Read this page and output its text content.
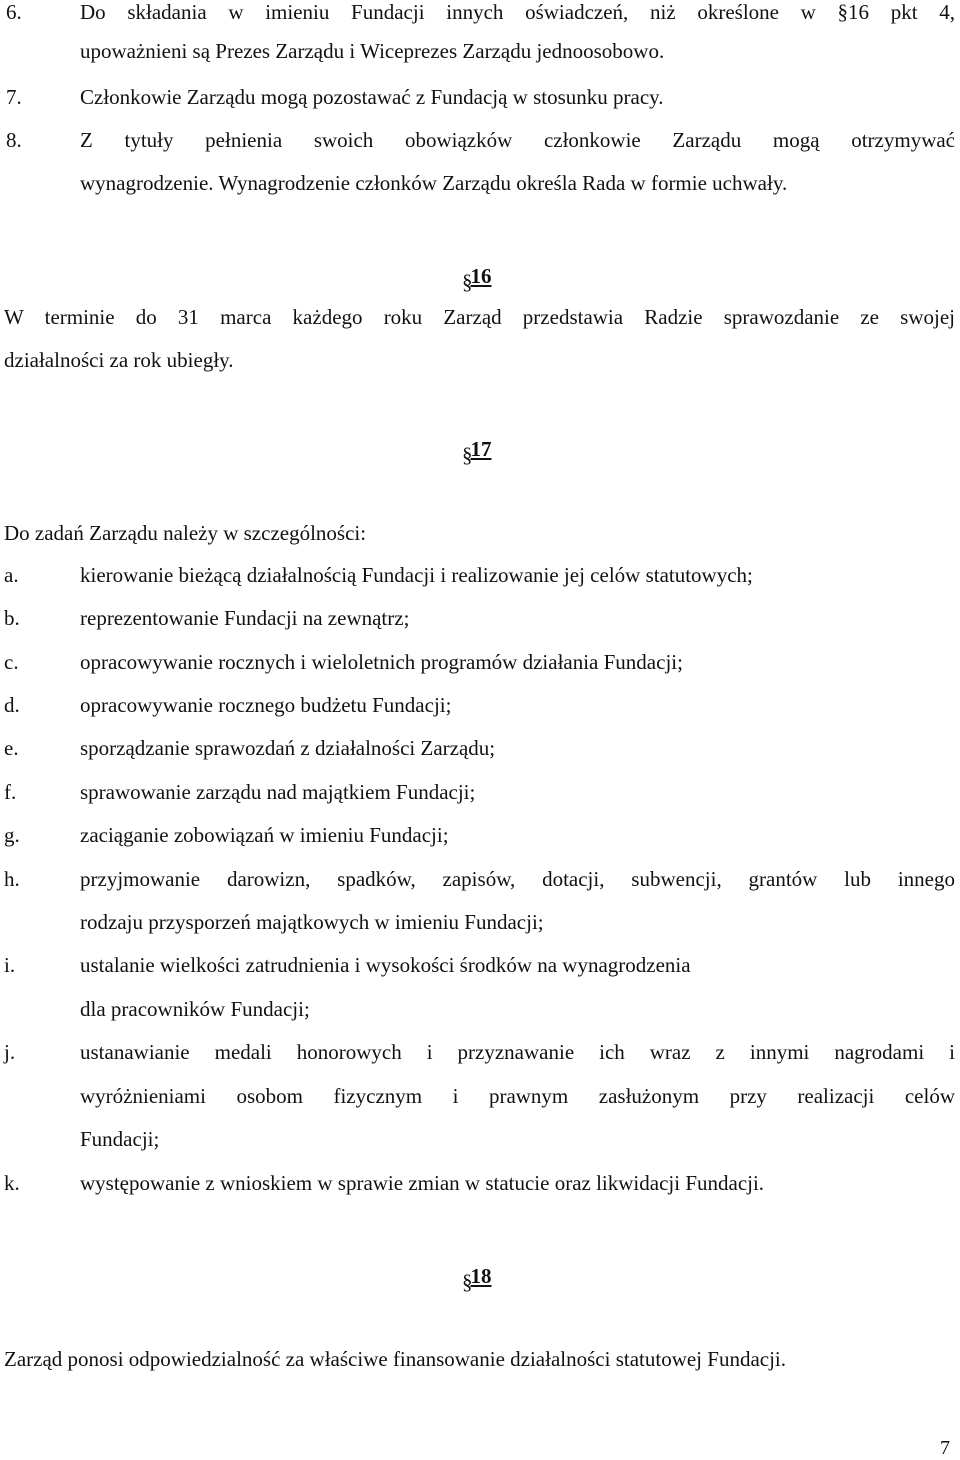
6.	Do składania w imieniu Fundacji innych oświadczeń, niż określone w §16 pkt 4,
upoważnieni są Prezes Zarządu i Wiceprezes Zarządu jednoosobowo.
7.	Członkowie Zarządu mogą pozostawać z Fundacją w stosunku pracy.
8.	Z tytuły pełnienia swoich obowiązków członkowie Zarządu mogą otrzymywać
wynagrodzenie. Wynagrodzenie członków Zarządu określa Rada w formie uchwały.
§16
W terminie do 31 marca każdego roku Zarząd przedstawia Radzie sprawozdanie ze swojej
działalności za rok ubiegły.
§17
Do zadań Zarządu należy w szczególności:
a.	kierowanie bieżącą działalnością Fundacji i realizowanie jej celów statutowych;
b.	reprezentowanie Fundacji na zewnątrz;
c.	opracowywanie rocznych i wieloletnich programów działania Fundacji;
d.	opracowywanie rocznego budżetu Fundacji;
e.	sporządzanie sprawozdań z działalności Zarządu;
f.	sprawowanie zarządu nad majątkiem Fundacji;
g.	zaciąganie zobowiązań w imieniu Fundacji;
h.	przyjmowanie darowizn, spadków, zapisów, dotacji, subwencji, grantów lub innego
rodzaju przysporzeń majątkowych w imieniu Fundacji;
i.	ustalanie wielkości zatrudnienia i wysokości środków na wynagrodzenia
dla pracowników Fundacji;
j.	ustanawianie medali honorowych i przyznawanie ich wraz z innymi nagrodami i
wyróżnieniami osobom fizycznym i prawnym zasłużonym przy realizacji celów
Fundacji;
k.	występowanie z wnioskiem w sprawie zmian w statucie oraz likwidacji Fundacji.
§18
Zarząd ponosi odpowiedzialność za właściwe finansowanie działalności statutowej Fundacji.
7
